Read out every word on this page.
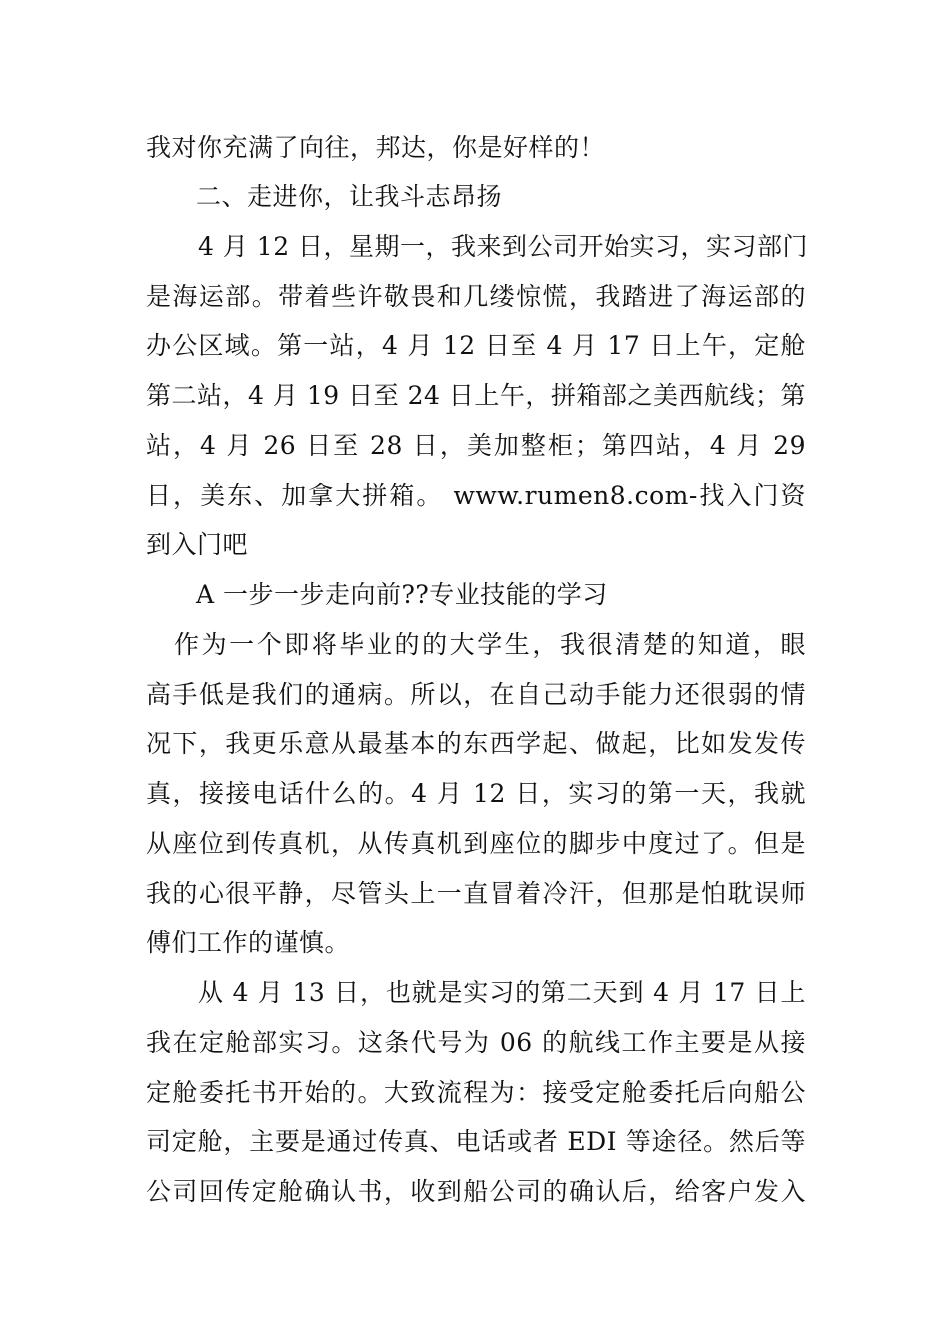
我对你充满了向往，邦达，你是好样的！
二、走进你，让我斗志昂扬
4 月 12 日，星期一，我来到公司开始实习，实习部门
是海运部。带着些许敬畏和几缕惊慌，我踏进了海运部的
办公区域。第一站，4 月 12 日至 4 月 17 日上午，定舱
第二站，4 月 19 日至 24 日上午，拼箱部之美西航线；第
站，4 月 26 日至 28 日，美加整柜；第四站，4 月 29
日，美东、加拿大拼箱。 www.rumen8.com-找入门资
到入门吧
A 一步一步走向前??专业技能的学习
作为一个即将毕业的的大学生，我很清楚的知道，眼
高手低是我们的通病。所以，在自己动手能力还很弱的情
况下，我更乐意从最基本的东西学起、做起，比如发发传
真，接接电话什么的。4 月 12 日，实习的第一天，我就
从座位到传真机，从传真机到座位的脚步中度过了。但是
我的心很平静，尽管头上一直冒着冷汗，但那是怕耽误师
傅们工作的谨慎。
从 4 月 13 日，也就是实习的第二天到 4 月 17 日上
我在定舱部实习。这条代号为 06 的航线工作主要是从接
定舱委托书开始的。大致流程为：接受定舱委托后向船公
司定舱，主要是通过传真、电话或者 EDI 等途径。然后等
公司回传定舱确认书，收到船公司的确认后，给客户发入
